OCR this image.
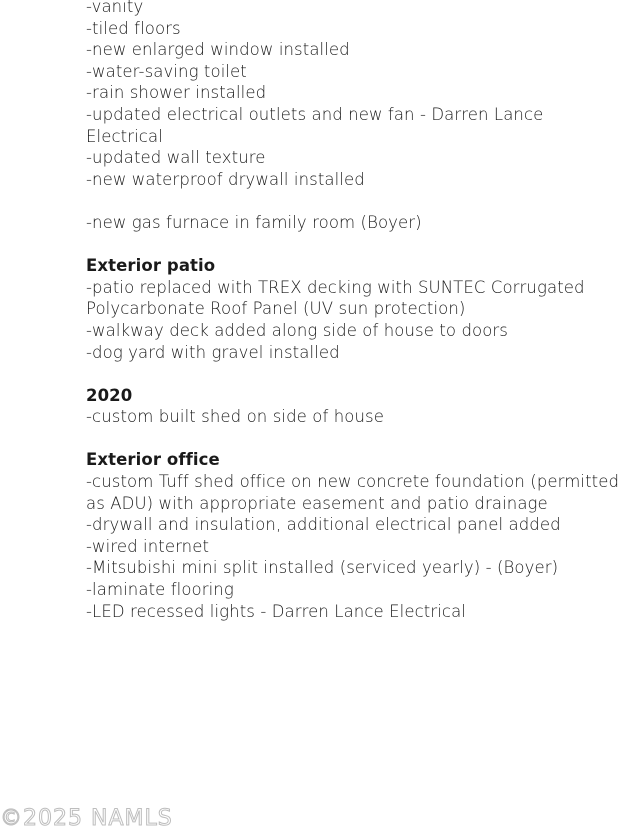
-vanity
-tiled floors
-new enlarged window installed
-water-saving toilet
-rain shower installed
-updated electrical outlets and new fan - Darren Lance
Electrical
-updated wall texture
-new waterproof drywall installed
-new gas furnace in family room (Boyer)
Exterior patio
-patio replaced with TREX decking with SUNTEC Corrugated
Polycarbonate Roof Panel (UV sun protection)
-walkway deck added along side of house to doors
-dog yard with gravel installed
2020
-custom built shed on side of house
Exterior office
-custom Tuff shed office on new concrete foundation (permitted
as ADU) with appropriate easement and patio drainage
-drywall and insulation, additional electrical panel added
-wired internet
-Mitsubishi mini split installed (serviced yearly) - (Boyer)
-laminate flooring
-LED recessed lights - Darren Lance Electrical
©2025 NAMLS
